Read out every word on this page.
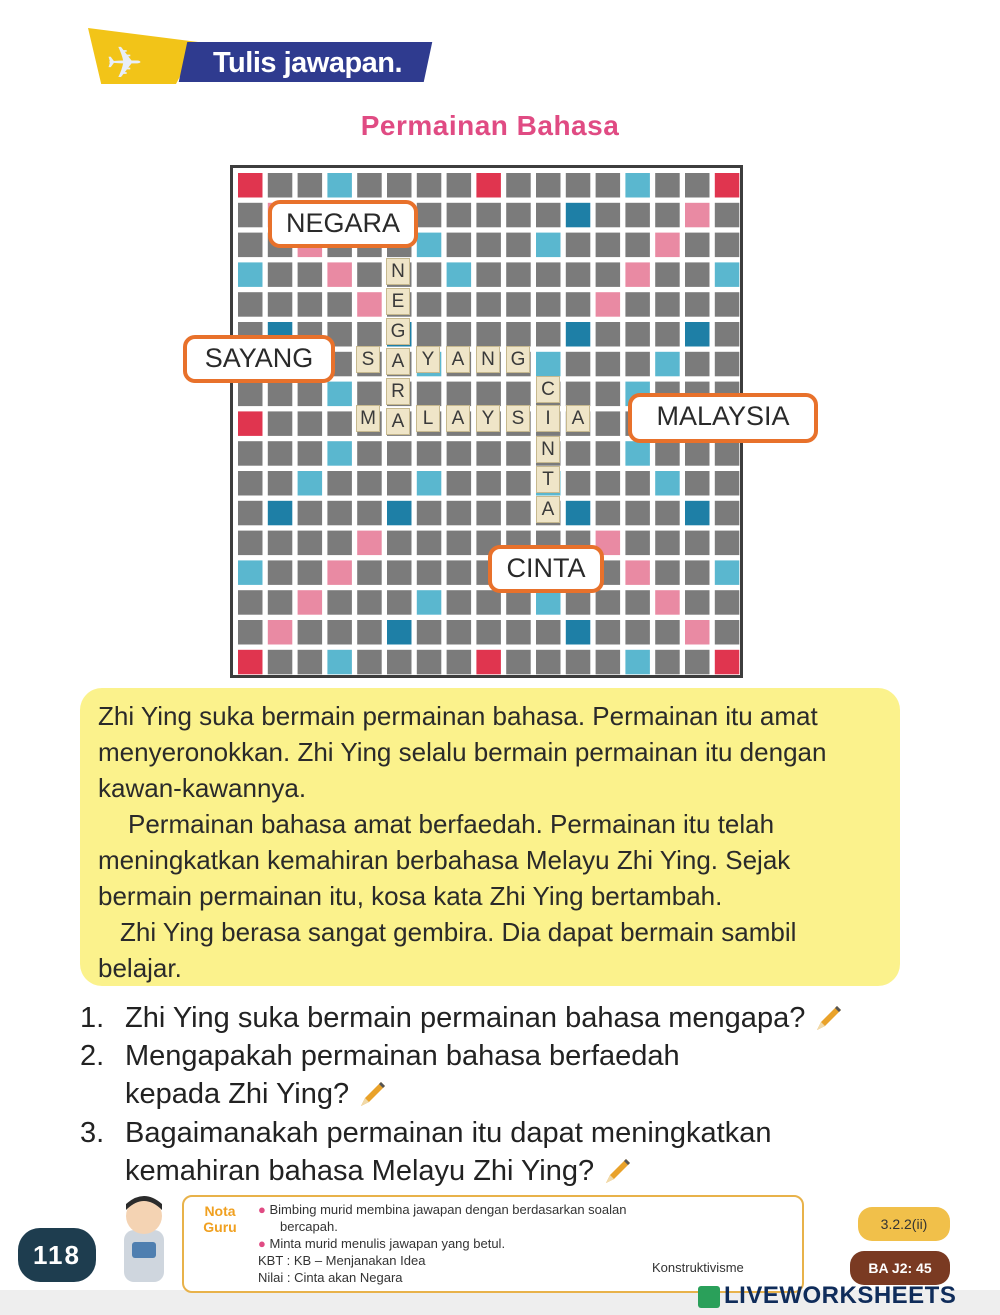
✈ Tulis jawapan.
Permainan Bahasa
N
E
G
A
R
A
S Y A N G
M	L A Y S	I	A
C
N
T
A
NEGARA
SAYANG
MALAYSIA
CINTA

Zhi Ying suka bermain permainan bahasa. Permainan itu amat menyeronokkan. Zhi Ying selalu bermain permainan itu dengan kawan-kawannya.

Permainan bahasa amat berfaedah. Permainan itu telah meningkatkan kemahiran berbahasa Melayu Zhi Ying. Sejak bermain permainan itu, kosa kata Zhi Ying bertambah.

Zhi Ying berasa sangat gembira. Dia dapat bermain sambil belajar.

1. Zhi Ying suka bermain permainan bahasa mengapa?
2. Mengapakah permainan bahasa berfaedah
kepada Zhi Ying?
3. Bagaimanakah permainan itu dapat meningkatkan
kemahiran bahasa Melayu Zhi Ying?
118
Nota
Guru
● Bimbing murid membina jawapan dengan berdasarkan soalan
bercapah.
● Minta murid menulis jawapan yang betul.
KBT : KB – Menjanakan Idea
Nilai : Cinta akan Negara
Konstruktivisme
3.2.2(ii)
BA J2: 45
LIVEWORKSHEETS
